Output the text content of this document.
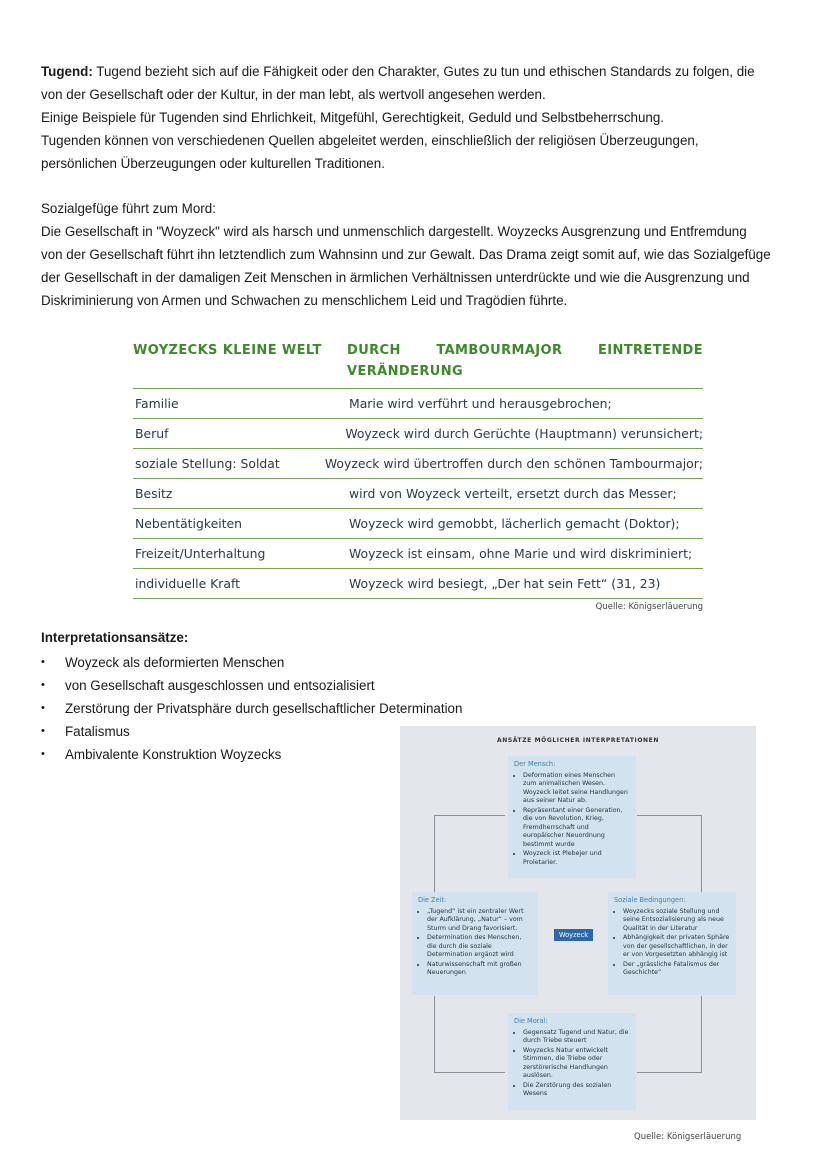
Tugend: Tugend bezieht sich auf die Fähigkeit oder den Charakter, Gutes zu tun und ethischen Standards zu folgen, die

von der Gesellschaft oder der Kultur, in der man lebt, als wertvoll angesehen werden.

Einige Beispiele für Tugenden sind Ehrlichkeit, Mitgefühl, Gerechtigkeit, Geduld und Selbstbeherrschung.

Tugenden können von verschiedenen Quellen abgeleitet werden, einschließlich der religiösen Überzeugungen,

persönlichen Überzeugungen oder kulturellen Traditionen.

Sozialgefüge führt zum Mord:

Die Gesellschaft in "Woyzeck" wird als harsch und unmenschlich dargestellt. Woyzecks Ausgrenzung und Entfremdung

von der Gesellschaft führt ihn letztendlich zum Wahnsinn und zur Gewalt. Das Drama zeigt somit auf, wie das Sozialgefüge

der Gesellschaft in der damaligen Zeit Menschen in ärmlichen Verhältnissen unterdrückte und wie die Ausgrenzung und

Diskriminierung von Armen und Schwachen zu menschlichem Leid und Tragödien führte.

WOYZECKS KLEINE WELT	DURCH TAMBOURMAJOR EINTRETENDE
VERÄNDERUNG
Familie	Marie wird verführt und herausgebrochen;
Beruf	Woyzeck wird durch Gerüchte (Hauptmann) verunsichert;
soziale Stellung: Soldat	Woyzeck wird übertroffen durch den schönen Tambourmajor;
Besitz	wird von Woyzeck verteilt, ersetzt durch das Messer;
Nebentätigkeiten	Woyzeck wird gemobbt, lächerlich gemacht (Doktor);
Freizeit/Unterhaltung	Woyzeck ist einsam, ohne Marie und wird diskriminiert;
individuelle Kraft	Woyzeck wird besiegt, „Der hat sein Fett“ (31, 23)
Quelle: Königserläuerung
Interpretationsansätze:
•	Woyzeck als deformierten Menschen
•	von Gesellschaft ausgeschlossen und entsozialisiert
•	Zerstörung der Privatsphäre durch gesellschaftlicher Determination
•	Fatalismus
•	Ambivalente Konstruktion Woyzecks
ANSÄTZE MÖGLICHER INTERPRETATIONEN
Der Mensch:
• Deformation eines Menschen zum animalischen Wesen. Woyzeck leitet seine Handlungen aus seiner Natur ab.
• Repräsentant einer Generation, die von Revolution, Krieg, Fremdherrschaft und europäischer Neuordnung bestimmt wurde
• Woyzeck ist Plebejer und Proletarier.
Die Zeit:
• „Tugend“ ist ein zentraler Wert der Aufklärung, „Natur“ – vom Sturm und Drang favorisiert.
• Determination des Menschen, die durch die soziale Determination ergänzt wird
• Naturwissenschaft mit großen Neuerungen
Woyzeck
Soziale Bedingungen:
• Woyzecks soziale Stellung und seine Entsozialisierung als neue Qualität in der Literatur
• Abhängigkeit der privaten Sphäre von der gesellschaftlichen, in der er von Vorgesetzten abhängig ist
• Der „grässliche Fatalismus der Geschichte“
Die Moral:
• Gegensatz Tugend und Natur, die durch Triebe steuert
• Woyzecks Natur entwickelt Stimmen, die Triebe oder zerstörerische Handlungen auslösen.
• Die Zerstörung des sozialen Wesens
Quelle: Königserläuerung
